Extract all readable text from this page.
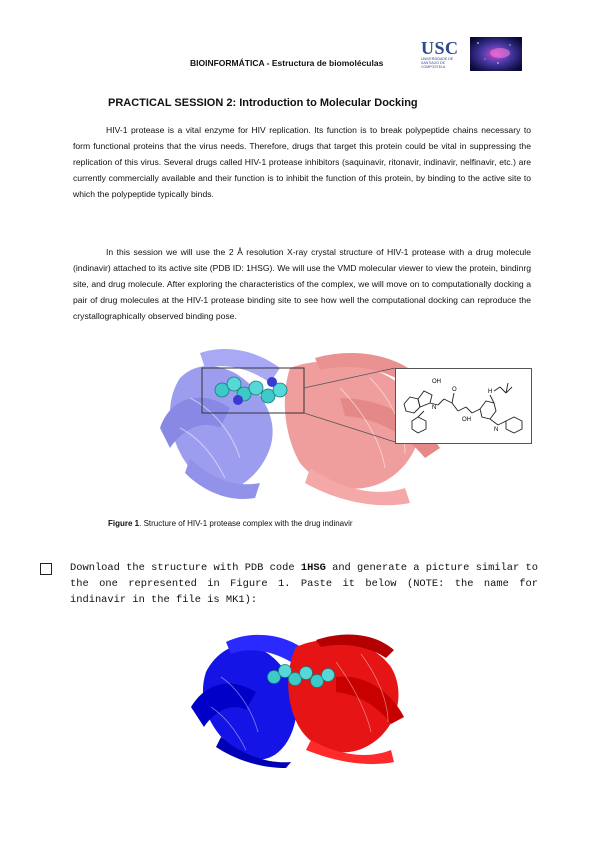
BIOINFORMÁTICA - Estructura de biomoléculas
USC
UNIVERSIDADE DE SANTIAGO DE COMPOSTELA
PRACTICAL SESSION 2: Introduction to Molecular Docking
HIV-1 protease is a vital enzyme for HIV replication. Its function is to break polypeptide chains necessary to form functional proteins that the virus needs. Therefore, drugs that target this protein could be vital in suppressing the replication of this virus. Several drugs called HIV-1 protease inhibitors (saquinavir, ritonavir, indinavir, nelfinavir, etc.) are currently commercially available and their function is to inhibit the function of this protein, by binding to the active site to which the polypeptide typically binds.
In this session we will use the 2 Å resolution X-ray crystal structure of HIV-1 protease with a drug molecule (indinavir) attached to its active site (PDB ID: 1HSG). We will use the VMD molecular viewer to view the protein, bindinrg site, and drug molecule. After exploring the characteristics of the complex, we will move on to computationally docking a pair of drug molecules at the HIV-1 protease binding site to see how well the computational docking can reproduce the crystallographically observed binding pose.
OH
N
O
OH
H
N
Figure 1. Structure of HIV-1 protease complex with the drug indinavir
Download the structure with PDB code 1HSG and generate a picture similar to the one represented in Figure 1. Paste it below (NOTE: the name for indinavir in the file is MK1):
